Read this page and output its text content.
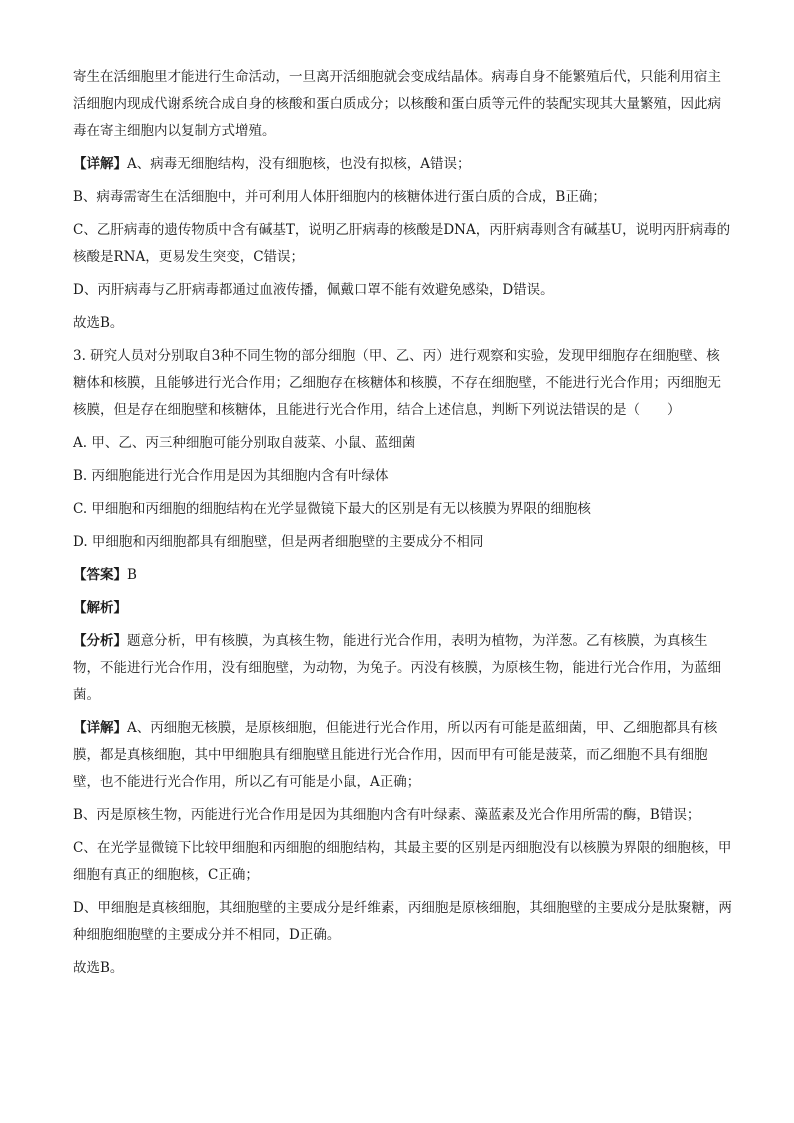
寄生在活细胞里才能进行生命活动，一旦离开活细胞就会变成结晶体。病毒自身不能繁殖后代，只能利用宿主活细胞内现成代谢系统合成自身的核酸和蛋白质成分；以核酸和蛋白质等元件的装配实现其大量繁殖，因此病毒在寄主细胞内以复制方式增殖。

【详解】A、病毒无细胞结构，没有细胞核，也没有拟核，A错误；

B、病毒需寄生在活细胞中，并可利用人体肝细胞内的核糖体进行蛋白质的合成，B正确；

C、乙肝病毒的遗传物质中含有碱基T，说明乙肝病毒的核酸是DNA，丙肝病毒则含有碱基U，说明丙肝病毒的核酸是RNA，更易发生突变，C错误；

D、丙肝病毒与乙肝病毒都通过血液传播，佩戴口罩不能有效避免感染，D错误。

故选B。

3. 研究人员对分别取自3种不同生物的部分细胞（甲、乙、丙）进行观察和实验，发现甲细胞存在细胞壁、核糖体和核膜，且能够进行光合作用；乙细胞存在核糖体和核膜，不存在细胞壁，不能进行光合作用；丙细胞无核膜，但是存在细胞壁和核糖体，且能进行光合作用，结合上述信息，判断下列说法错误的是（　　）

A. 甲、乙、丙三种细胞可能分别取自菠菜、小鼠、蓝细菌

B. 丙细胞能进行光合作用是因为其细胞内含有叶绿体

C. 甲细胞和丙细胞的细胞结构在光学显微镜下最大的区别是有无以核膜为界限的细胞核

D. 甲细胞和丙细胞都具有细胞壁，但是两者细胞壁的主要成分不相同

【答案】B

【解析】

【分析】题意分析，甲有核膜，为真核生物，能进行光合作用，表明为植物，为洋葱。乙有核膜，为真核生物，不能进行光合作用，没有细胞壁，为动物，为兔子。丙没有核膜，为原核生物，能进行光合作用，为蓝细菌。

【详解】A、丙细胞无核膜，是原核细胞，但能进行光合作用，所以丙有可能是蓝细菌，甲、乙细胞都具有核膜，都是真核细胞，其中甲细胞具有细胞壁且能进行光合作用，因而甲有可能是菠菜，而乙细胞不具有细胞壁，也不能进行光合作用，所以乙有可能是小鼠，A正确；

B、丙是原核生物，丙能进行光合作用是因为其细胞内含有叶绿素、藻蓝素及光合作用所需的酶，B错误；

C、在光学显微镜下比较甲细胞和丙细胞的细胞结构，其最主要的区别是丙细胞没有以核膜为界限的细胞核，甲细胞有真正的细胞核，C正确；

D、甲细胞是真核细胞，其细胞壁的主要成分是纤维素，丙细胞是原核细胞，其细胞壁的主要成分是肽聚糖，两种细胞细胞壁的主要成分并不相同，D正确。

故选B。
